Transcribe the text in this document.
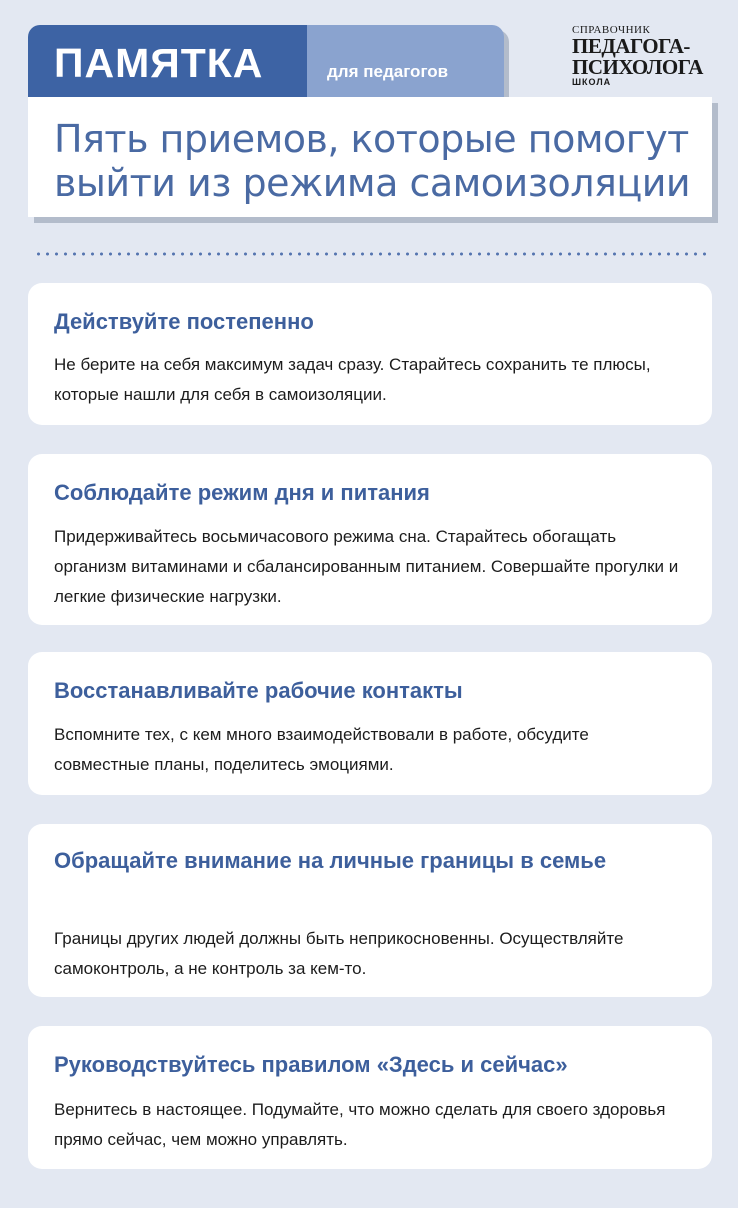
ПАМЯТКА	для педагогов
СПРАВОЧНИК
ПЕДАГОГА-
ПСИХОЛОГА
ШКОЛА
Пять приемов, которые помогут выйти из режима самоизоляции
Действуйте постепенно

Не берите на себя максимум задач сразу. Старайтесь сохранить те плюсы, которые нашли для себя в самоизоляции.

Соблюдайте режим дня и питания

Придерживайтесь восьмичасового режима сна. Старайтесь обогащать организм витаминами и сбалансированным питанием. Совершайте прогулки и легкие физические нагрузки.

Восстанавливайте рабочие контакты

Вспомните тех, с кем много взаимодействовали в работе, обсудите совместные планы, поделитесь эмоциями.

Обращайте внимание на личные границы в семье

Границы других людей должны быть неприкосновенны. Осуществляйте самоконтроль, а не контроль за кем-то.

Руководствуйтесь правилом «Здесь и сейчас»

Вернитесь в настоящее. Подумайте, что можно сделать для своего здоровья прямо сейчас, чем можно управлять.
